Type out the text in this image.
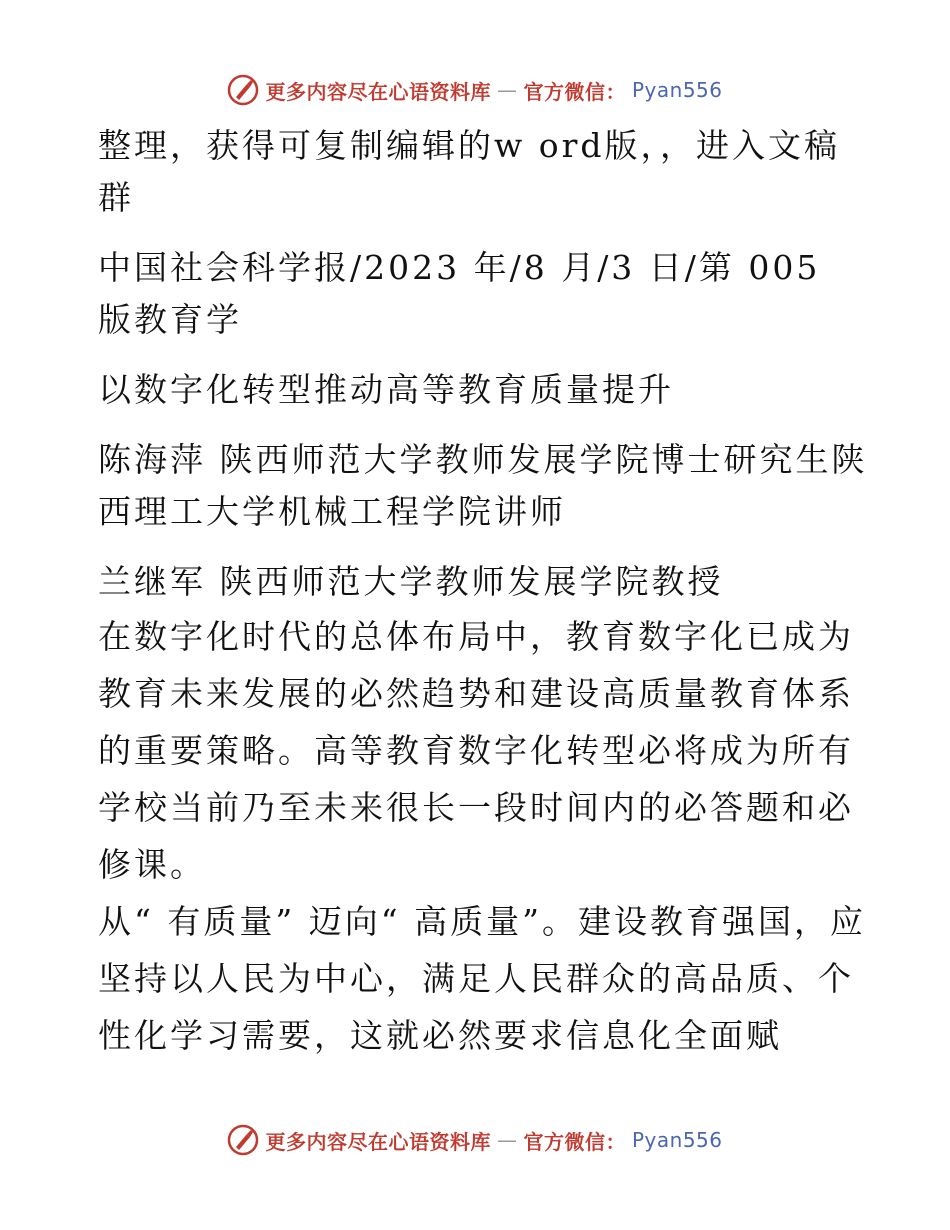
更多内容尽在心语资料库 — 官方微信： Pyan556

整理，获得可复制编辑的w ord版，，进入文稿群

中国社会科学报/2023 年/8 月/3 日/第 005 版教育学

以数字化转型推动高等教育质量提升

陈海萍 陕西师范大学教师发展学院博士研究生陕西理工大学机械工程学院讲师

兰继军 陕西师范大学教师发展学院教授

在数字化时代的总体布局中，教育数字化已成为教育未来发展的必然趋势和建设高质量教育体系的重要策略。高等教育数字化转型必将成为所有学校当前乃至未来很长一段时间内的必答题和必修课。

从“ 有质量” 迈向“ 高质量”。建设教育强国，应坚持以人民为中心，满足人民群众的高品质、个性化学习需要，这就必然要求信息化全面赋

更多内容尽在心语资料库 — 官方微信： Pyan556
